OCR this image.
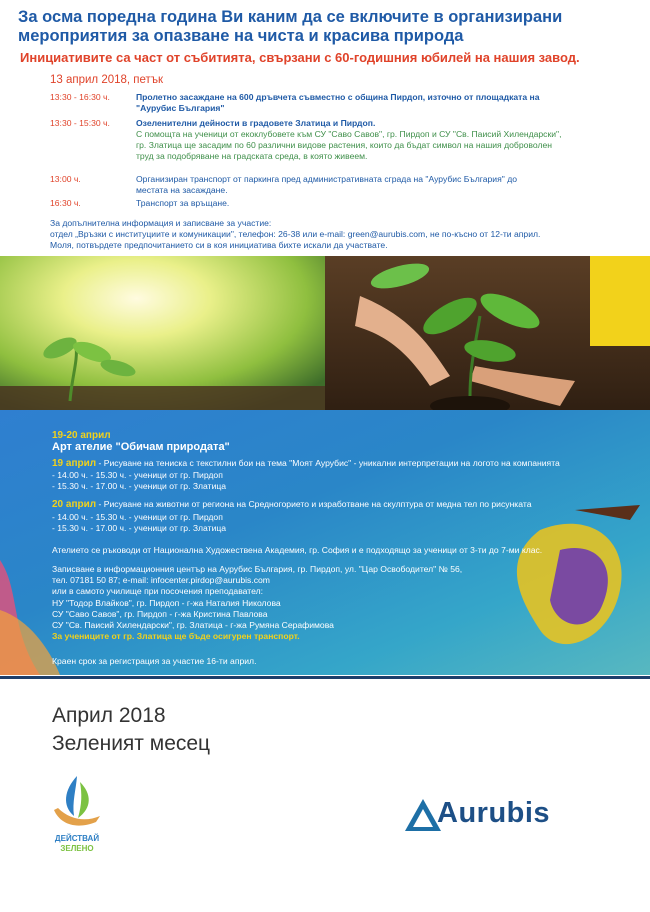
За осма поредна година Ви каним да се включите в организирани
мероприятия за опазване на чиста и красива природа
Инициативите са част от събитията, свързани с 60-годишния юбилей на нашия завод.
13 април 2018, петък
13:30 - 16:30 ч.	Пролетно засаждане на 600 дръвчета съвместно с община Пирдоп, източно от площадката на
"Аурубис България"
13:30 - 15:30 ч.	Озеленителни дейности в градовете Златица и Пирдоп.
С помощта на ученици от екоклубовете към СУ "Саво Савов", гр. Пирдоп и СУ "Св. Паисий Хилендарски",
гр. Златица ще засадим по 60 различни видове растения, които да бъдат символ на нашия доброволен
труд за подобряване на градската среда, в която живеем.
13:00 ч.	Организиран транспорт от паркинга пред административната сграда на "Аурубис България" до
местата на засаждане.
16:30 ч.	Транспорт за връщане.
За допълнителна информация и записване за участие:
отдел „Връзки с институциите и комуникации", телефон: 26-38 или e-mail: green@aurubis.com, не по-късно от 12-ти април.
Моля, потвърдете предпочитанието си в коя инициатива бихте искали да участвате.
19-20 април
Арт ателие "Обичам природата"
19 април - Рисуване на тениска с текстилни бои на тема "Моят Аурубис" - уникални интерпретации на логото на компанията
- 14.00 ч. - 15.30 ч. - ученици от гр. Пирдоп
- 15.30 ч. - 17.00 ч. - ученици от гр. Златица
20 април - Рисуване на животни от региона на Средногорието и изработване на скулптура от медна тел по рисунката
- 14.00 ч. - 15.30 ч. - ученици от гр. Пирдоп
- 15.30 ч. - 17.00 ч. - ученици от гр. Златица
Ателието се ръководи от Национална Художествена Академия, гр. София и е подходящо за ученици от 3-ти до 7-ми клас.
Записване в информационния център на Аурубис България, гр. Пирдоп, ул. "Цар Освободител" № 56,
тел. 07181 50 87; e-mail: infocenter.pirdop@aurubis.com
или в самото училище при посочения преподавател:
НУ "Тодор Влайков", гр. Пирдоп - г-жа Наталия Николова
СУ "Саво Савов", гр. Пирдоп - г-жа Кристина Павлова
СУ "Св. Паисий Хилендарски", гр. Златица - г-жа Румяна Серафимова
За учениците от гр. Златица ще бъде осигурен транспорт.
Краен срок за регистрация за участие 16-ти април.
Април 2018
Зеленият месец
ДЕЙСТВАЙ
ЗЕЛЕНО
Aurubis
